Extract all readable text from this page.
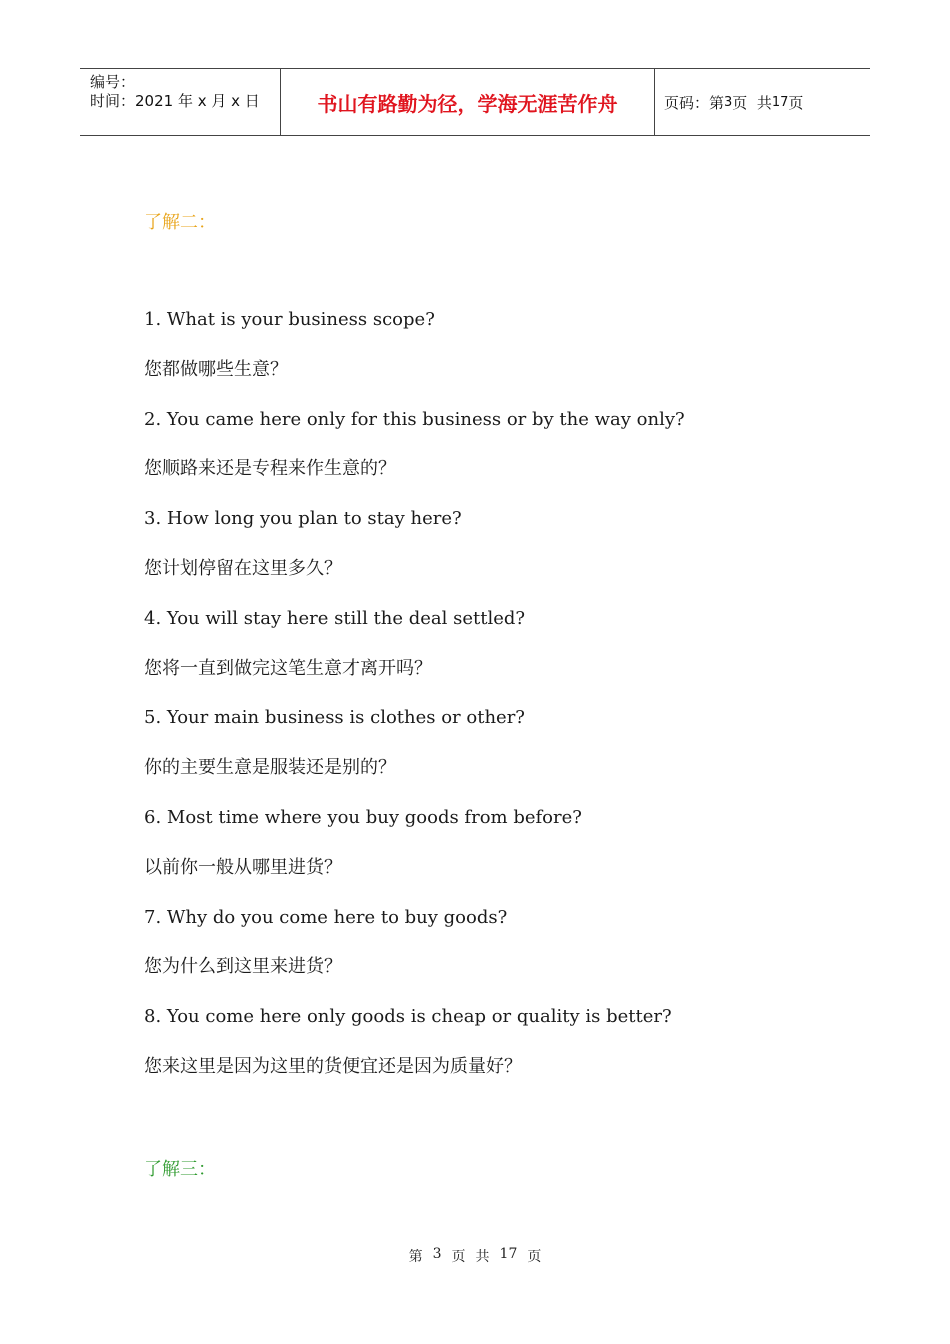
编号：
时间：2021 年 x 月 x 日	书山有路勤为径，学海无涯苦作舟	页码：第 3 页  共 17 页
了解二：
1. What is your business scope?
您都做哪些生意？
2. You came here only for this business or by the way only?
您顺路来还是专程来作生意的？
3. How long you plan to stay here?
您计划停留在这里多久？
4. You will stay here still the deal settled?
您将一直到做完这笔生意才离开吗？
5. Your main business is clothes or other?
你的主要生意是服装还是别的？
6. Most time where you buy goods from before?
以前你一般从哪里进货？
7. Why do you come here to buy goods?
您为什么到这里来进货？
8. You come here only goods is cheap or quality is better?
您来这里是因为这里的货便宜还是因为质量好？
了解三：
第 3 页 共 17 页
